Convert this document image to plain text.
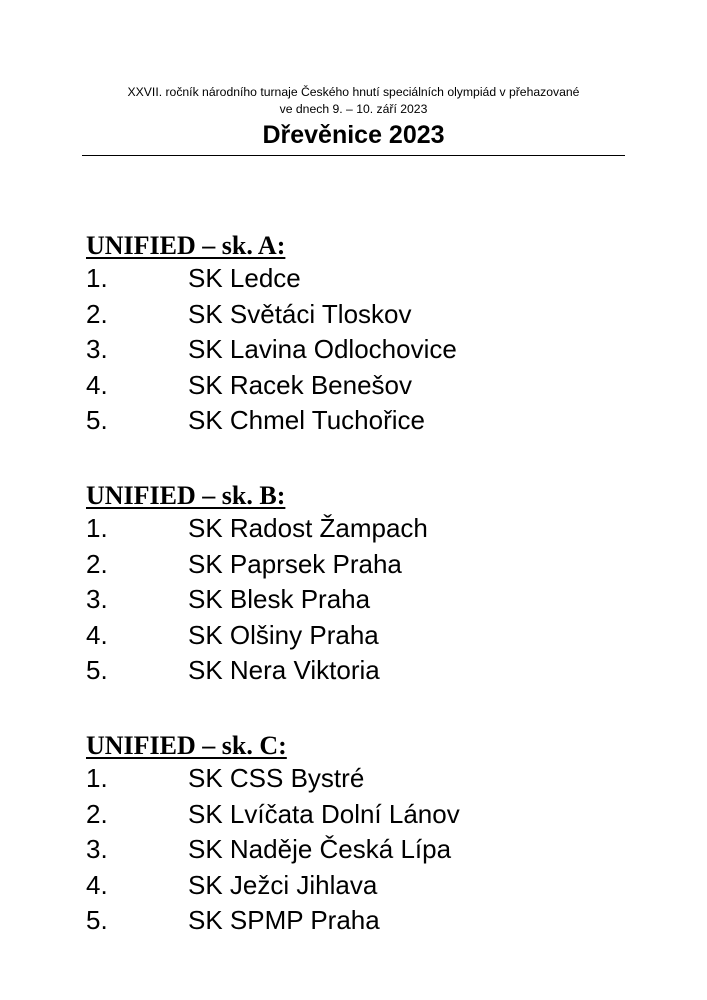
XXVII. ročník národního turnaje Českého hnutí speciálních olympiád v přehazované
ve dnech 9. – 10. září 2023
Dřevěnice 2023
UNIFIED – sk. A:
1.	SK Ledce
2.	SK Světáci Tloskov
3.	SK Lavina Odlochovice
4.	SK Racek Benešov
5.	SK Chmel Tuchořice
UNIFIED – sk. B:
1.	SK Radost Žampach
2.	SK Paprsek Praha
3.	SK Blesk Praha
4.	SK Olšiny Praha
5.	SK Nera Viktoria
UNIFIED – sk. C:
1.	SK CSS Bystré
2.	SK Lvíčata Dolní Lánov
3.	SK Naděje Česká Lípa
4.	SK Ježci Jihlava
5.	SK SPMP Praha
